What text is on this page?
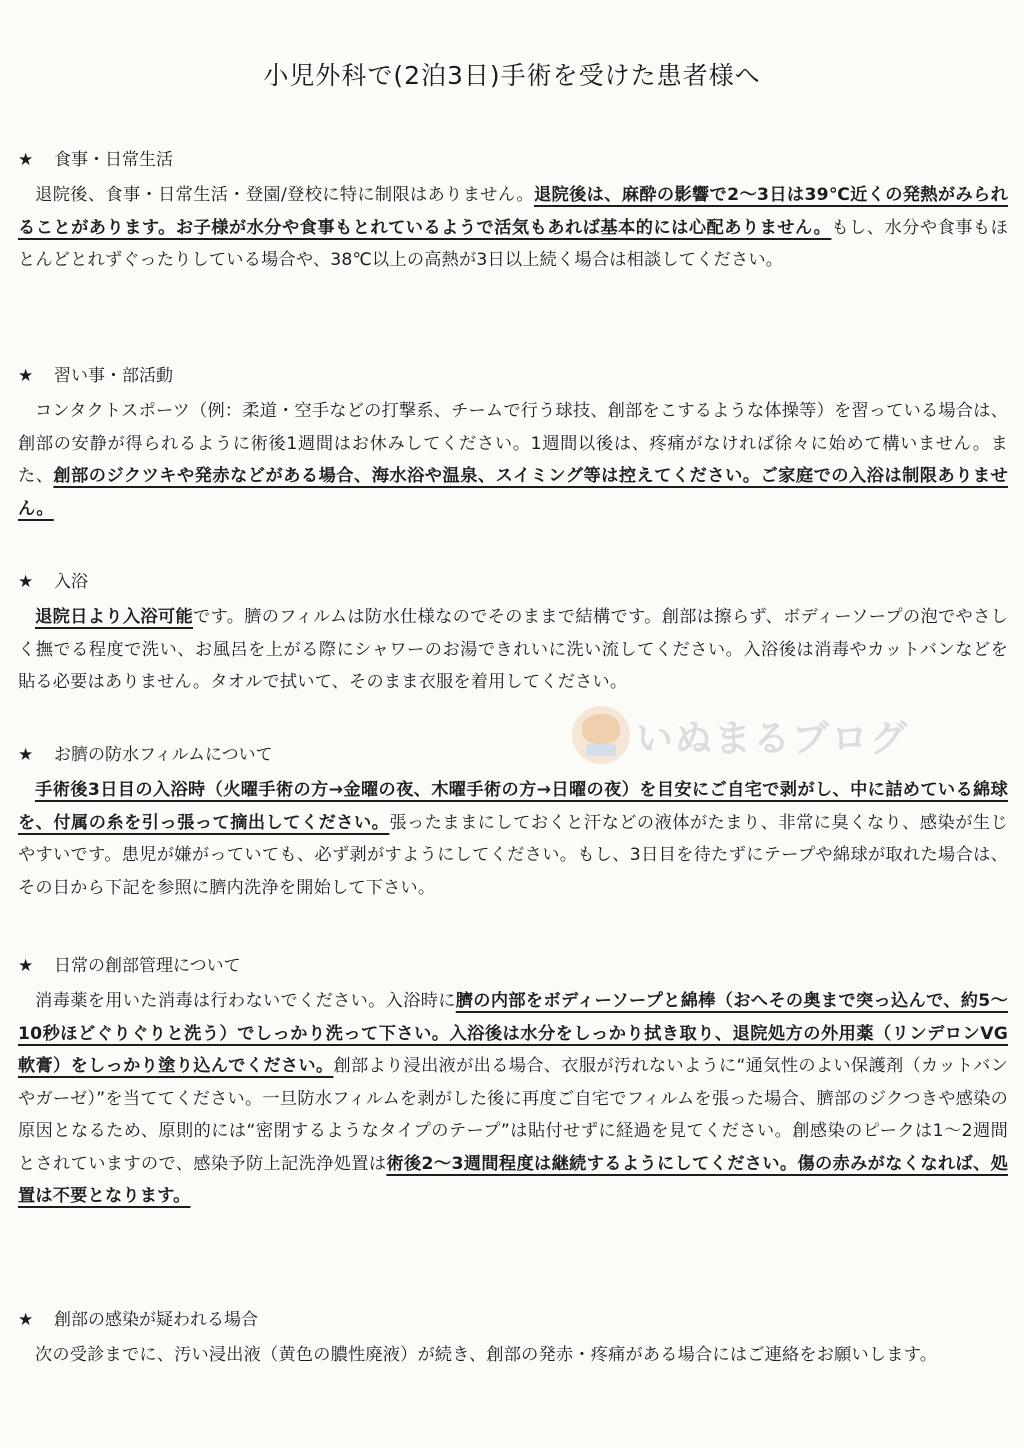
小児外科で(2泊3日)手術を受けた患者様へ
★ 食事・日常生活

退院後、食事・日常生活・登園/登校に特に制限はありません。退院後は、麻酔の影響で2～3日は39℃近くの発熱がみられることがあります。お子様が水分や食事もとれているようで活気もあれば基本的には心配ありません。もし、水分や食事もほとんどとれずぐったりしている場合や、38℃以上の高熱が3日以上続く場合は相談してください。

★ 習い事・部活動

コンタクトスポーツ（例：柔道・空手などの打撃系、チームで行う球技、創部をこするような体操等）を習っている場合は、創部の安静が得られるように術後1週間はお休みしてください。1週間以後は、疼痛がなければ徐々に始めて構いません。また、創部のジクツキや発赤などがある場合、海水浴や温泉、スイミング等は控えてください。ご家庭での入浴は制限ありません。

★ 入浴

退院日より入浴可能です。臍のフィルムは防水仕様なのでそのままで結構です。創部は擦らず、ボディーソープの泡でやさしく撫でる程度で洗い、お風呂を上がる際にシャワーのお湯できれいに洗い流してください。入浴後は消毒やカットバンなどを貼る必要はありません。タオルで拭いて、そのまま衣服を着用してください。

いぬまるブログ
★ お臍の防水フィルムについて

手術後3日目の入浴時（火曜手術の方→金曜の夜、木曜手術の方→日曜の夜）を目安にご自宅で剥がし、中に詰めている綿球を、付属の糸を引っ張って摘出してください。張ったままにしておくと汗などの液体がたまり、非常に臭くなり、感染が生じやすいです。患児が嫌がっていても、必ず剥がすようにしてください。もし、3日目を待たずにテープや綿球が取れた場合は、その日から下記を参照に臍内洗浄を開始して下さい。

★ 日常の創部管理について

消毒薬を用いた消毒は行わないでください。入浴時に臍の内部をボディーソープと綿棒（おへその奥まで突っ込んで、約5～10秒ほどぐりぐりと洗う）でしっかり洗って下さい。入浴後は水分をしっかり拭き取り、退院処方の外用薬（リンデロンVG軟膏）をしっかり塗り込んでください。創部より浸出液が出る場合、衣服が汚れないように“通気性のよい保護剤（カットバンやガーゼ）”を当ててください。一旦防水フィルムを剥がした後に再度ご自宅でフィルムを張った場合、臍部のジクつきや感染の原因となるため、原則的には“密閉するようなタイプのテープ”は貼付せずに経過を見てください。創感染のピークは1～2週間とされていますので、感染予防上記洗浄処置は術後2～3週間程度は継続するようにしてください。傷の赤みがなくなれば、処置は不要となります。

★ 創部の感染が疑われる場合

次の受診までに、汚い浸出液（黄色の膿性廃液）が続き、創部の発赤・疼痛がある場合にはご連絡をお願いします。
